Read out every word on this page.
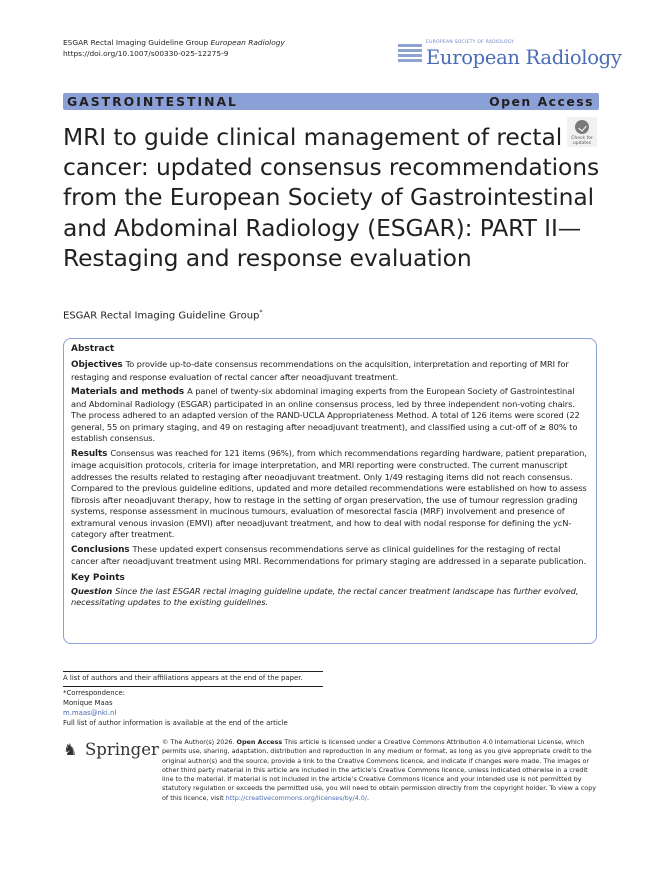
ESGAR Rectal Imaging Guideline Group European Radiology
https://doi.org/10.1007/s00330-025-12275-9
EUROPEAN SOCIETY OF RADIOLOGY
European Radiology
GASTROINTESTINAL	Open Access
MRI to guide clinical management of rectal cancer: updated consensus recommendations from the European Society of Gastrointestinal and Abdominal Radiology (ESGAR): PART II—Restaging and response evaluation
Check for updates
ESGAR Rectal Imaging Guideline Group*

Abstract

Objectives To provide up-to-date consensus recommendations on the acquisition, interpretation and reporting of MRI for restaging and response evaluation of rectal cancer after neoadjuvant treatment.

Materials and methods A panel of twenty-six abdominal imaging experts from the European Society of Gastrointestinal and Abdominal Radiology (ESGAR) participated in an online consensus process, led by three independent non-voting chairs. The process adhered to an adapted version of the RAND-UCLA Appropriateness Method. A total of 126 items were scored (22 general, 55 on primary staging, and 49 on restaging after neoadjuvant treatment), and classified using a cut-off of ≥ 80% to establish consensus.

Results Consensus was reached for 121 items (96%), from which recommendations regarding hardware, patient preparation, image acquisition protocols, criteria for image interpretation, and MRI reporting were constructed. The current manuscript addresses the results related to restaging after neoadjuvant treatment. Only 1/49 restaging items did not reach consensus. Compared to the previous guideline editions, updated and more detailed recommendations were established on how to assess fibrosis after neoadjuvant therapy, how to restage in the setting of organ preservation, the use of tumour regression grading systems, response assessment in mucinous tumours, evaluation of mesorectal fascia (MRF) involvement and presence of extramural venous invasion (EMVI) after neoadjuvant treatment, and how to deal with nodal response for defining the ycN-category after treatment.

Conclusions These updated expert consensus recommendations serve as clinical guidelines for the restaging of rectal cancer after neoadjuvant treatment using MRI. Recommendations for primary staging are addressed in a separate publication.

Key Points

Question Since the last ESGAR rectal imaging guideline update, the rectal cancer treatment landscape has further evolved, necessitating updates to the existing guidelines.

A list of authors and their affiliations appears at the end of the paper.
*Correspondence:
Monique Maas
m.maas@nki.nl
Full list of author information is available at the end of the article
♞ Springer © The Author(s) 2026. Open Access This article is licensed under a Creative Commons Attribution 4.0 International License, which permits use, sharing, adaptation, distribution and reproduction in any medium or format, as long as you give appropriate credit to the original author(s) and the source, provide a link to the Creative Commons licence, and indicate if changes were made. The images or other third party material in this article are included in the article’s Creative Commons licence, unless indicated otherwise in a credit line to the material. If material is not included in the article’s Creative Commons licence and your intended use is not permitted by statutory regulation or exceeds the permitted use, you will need to obtain permission directly from the copyright holder. To view a copy of this licence, visit http://creativecommons.org/licenses/by/4.0/.
